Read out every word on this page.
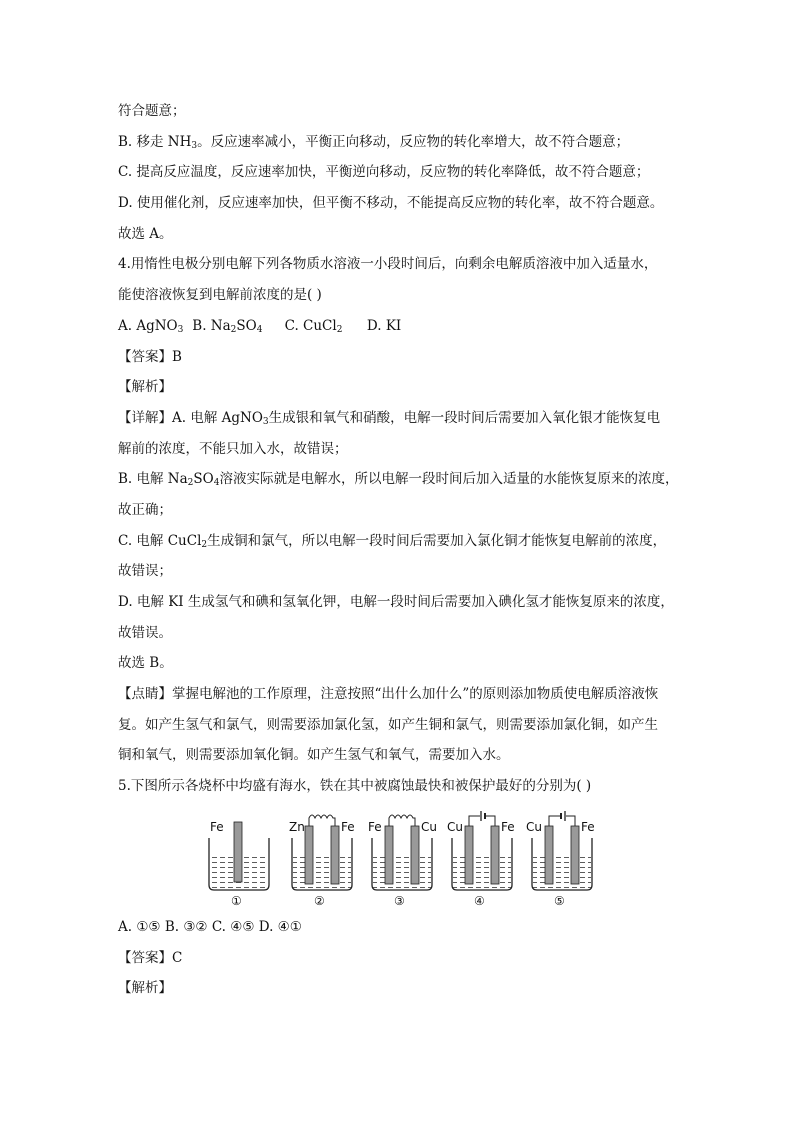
符合题意；
B. 移走 $NH_3$。反应速率减小，平衡正向移动，反应物的转化率增大，故不符合题意；
C. 提高反应温度，反应速率加快，平衡逆向移动，反应物的转化率降低，故不符合题意；
D. 使用催化剂，反应速率加快，但平衡不移动，不能提高反应物的转化率，故不符合题意。
故选 A。
4.用惰性电极分别电解下列各物质水溶液一小段时间后，向剩余电解质溶液中加入适量水，
能使溶液恢复到电解前浓度的是( )
A. AgNO$_3$ B. $Na_2SO_4$ C. CuCl$_2$ D. KI
【答案】B
【解析】
【详解】A. 电解 AgNO$_3$生成银和氧气和硝酸，电解一段时间后需要加入氧化银才能恢复电
解前的浓度，不能只加入水，故错误；
B. 电解 $Na_2SO_4$溶液实际就是电解水，所以电解一段时间后加入适量的水能恢复原来的浓度，
故正确；
C. 电解 CuCl$_2$生成铜和氯气，所以电解一段时间后需要加入氯化铜才能恢复电解前的浓度，
故错误；
D. 电解 KI 生成氢气和碘和氢氧化钾，电解一段时间后需要加入碘化氢才能恢复原来的浓度，
故错误。
故选 B。
【点睛】掌握电解池的工作原理，注意按照“出什么加什么”的原则添加物质使电解质溶液恢
复。如产生氢气和氯气，则需要添加氯化氢，如产生铜和氯气，则需要添加氯化铜，如产生
铜和氧气，则需要添加氧化铜。如产生氢气和氧气，需要加入水。
5.下图所示各烧杯中均盛有海水，铁在其中被腐蚀最快和被保护最好的分别为( )
Fe
①
Zn	Fe
②
Fe	Cu
③
Cu	Fe
④
Cu	Fe
⑤
A. ①⑤ B. ③② C. ④⑤ D. ④①
【答案】C
【解析】
